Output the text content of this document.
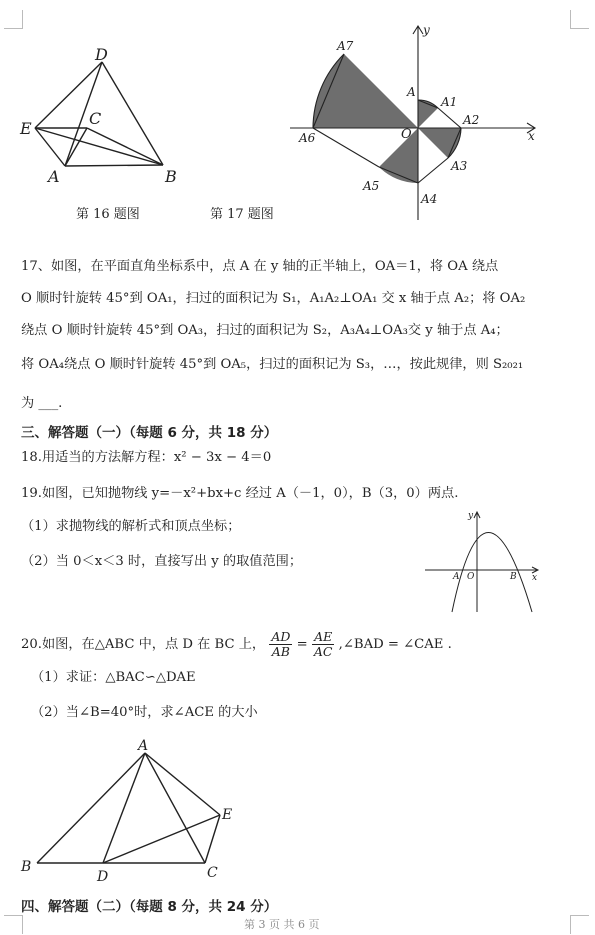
D
E
C
A	B
第 16 题图
y
x
O
A
A1
A2
A3
A4
A5
A6
A7
第 17 题图
17、如图，在平面直角坐标系中，点 A 在 y 轴的正半轴上，OA＝1，将 OA 绕点
O 顺时针旋转 45°到 OA₁，扫过的面积记为 S₁，A₁A₂⊥OA₁ 交 x 轴于点 A₂；将 OA₂
绕点 O 顺时针旋转 45°到 OA₃，扫过的面积记为 S₂，A₃A₄⊥OA₃交 y 轴于点 A₄；
将 OA₄绕点 O 顺时针旋转 45°到 OA₅，扫过的面积记为 S₃，…，按此规律，则 S₂₀₂₁
为 ___.
三、解答题（一）（每题 6 分，共 18 分）
18.用适当的方法解方程：x² − 3x − 4＝0
19.如图，已知抛物线 y=－x²+bx+c 经过 A（－1，0），B（3，0）两点.
（1）求抛物线的解析式和顶点坐标；
（2）当 0＜x＜3 时，直接写出 y 的取值范围；
y
x
A O	B
20.如图，在△ABC 中，点 D 在 BC 上， $\frac{AD}{AB} = \frac{AE}{AC}$ ,∠BAD = ∠CAE .
（1）求证：△BAC∽△DAE
（2）当∠B=40°时，求∠ACE 的大小
A
B
D	C
E
四、解答题（二）（每题 8 分，共 24 分）
第 3 页 共 6 页
